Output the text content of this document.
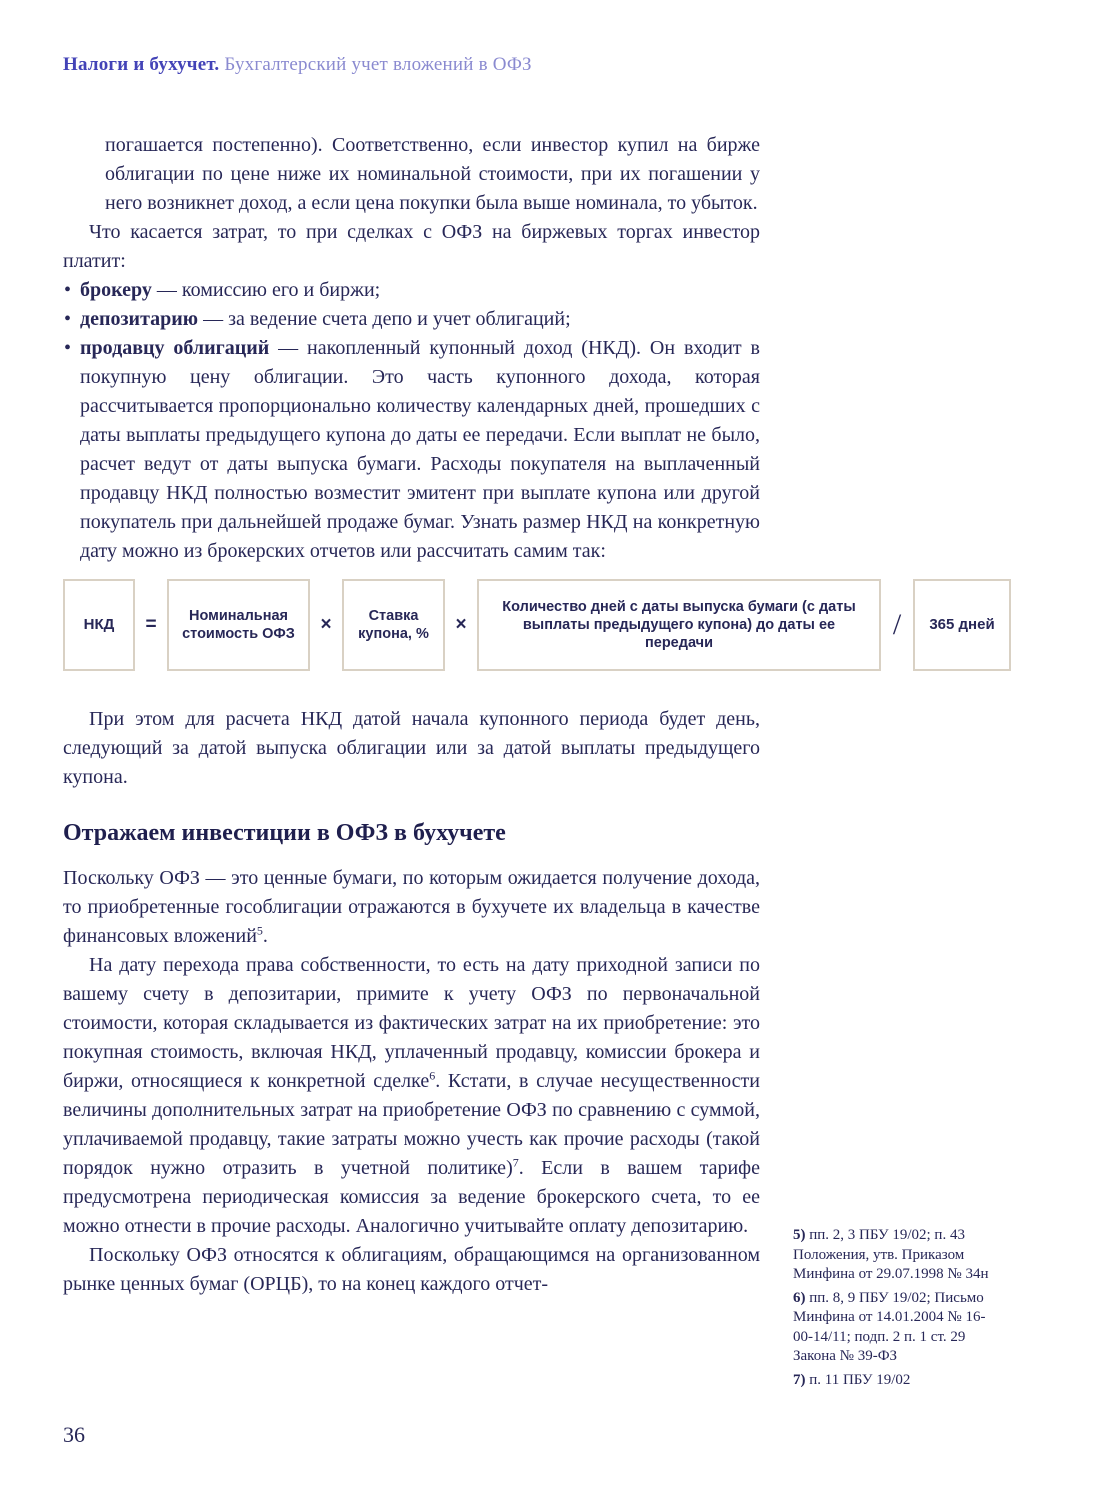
Налоги и бухучет. Бухгалтерский учет вложений в ОФЗ

погашается постепенно). Соответственно, если инвестор купил на бирже облигации по цене ниже их номинальной стоимости, при их погашении у него возникнет доход, а если цена покупки была выше номинала, то убыток.

Что касается затрат, то при сделках с ОФЗ на биржевых торгах инвестор платит:

• брокеру — комиссию его и биржи;
• депозитарию — за ведение счета депо и учет облигаций;
• продавцу облигаций — накопленный купонный доход (НКД). Он входит в покупную цену облигации. Это часть купонного дохода, которая рассчитывается пропорционально количеству календарных дней, прошедших с даты выплаты предыдущего купона до даты ее передачи. Если выплат не было, расчет ведут от даты выпуска бумаги. Расходы покупателя на выплаченный продавцу НКД полностью возместит эмитент при выплате купона или другой покупатель при дальнейшей продаже бумаг. Узнать размер НКД на конкретную дату можно из брокерских отчетов или рассчитать самим так:
НКД	=	Номинальная стоимость ОФЗ	×	Ставка купона, %	×
Количество дней с даты выпуска бумаги (с даты выплаты предыдущего купона) до даты ее передачи
/	365 дней

При этом для расчета НКД датой начала купонного периода будет день, следующий за датой выпуска облигации или за датой выплаты предыдущего купона.

Отражаем инвестиции в ОФЗ в бухучете

Поскольку ОФЗ — это ценные бумаги, по которым ожидается получение дохода, то приобретенные гособлигации отражаются в бухучете их владельца в качестве финансовых вложений$^5$.

На дату перехода права собственности, то есть на дату приходной записи по вашему счету в депозитарии, примите к учету ОФЗ по первоначальной стоимости, которая складывается из фактических затрат на их приобретение: это покупная стоимость, включая НКД, уплаченный продавцу, комиссии брокера и биржи, относящиеся к конкретной сделке$^6$. Кстати, в случае несущественности величины дополнительных затрат на приобретение ОФЗ по сравнению с суммой, уплачиваемой продавцу, такие затраты можно учесть как прочие расходы (такой порядок нужно отразить в учетной политике)$^7$. Если в вашем тарифе предусмотрена периодическая комиссия за ведение брокерского счета, то ее можно отнести в прочие расходы. Аналогично учитывайте оплату депозитарию.

Поскольку ОФЗ относятся к облигациям, обращающимся на организованном рынке ценных бумаг (ОРЦБ), то на конец каждого отчет-

5) пп. 2, 3 ПБУ 19/02; п. 43 Положения, утв. Приказом Минфина от 29.07.1998 № 34н
6) пп. 8, 9 ПБУ 19/02; Письмо Минфина от 14.01.2004 № 16-00-14/11; подп. 2 п. 1 ст. 29 Закона № 39-ФЗ
7) п. 11 ПБУ 19/02
36
